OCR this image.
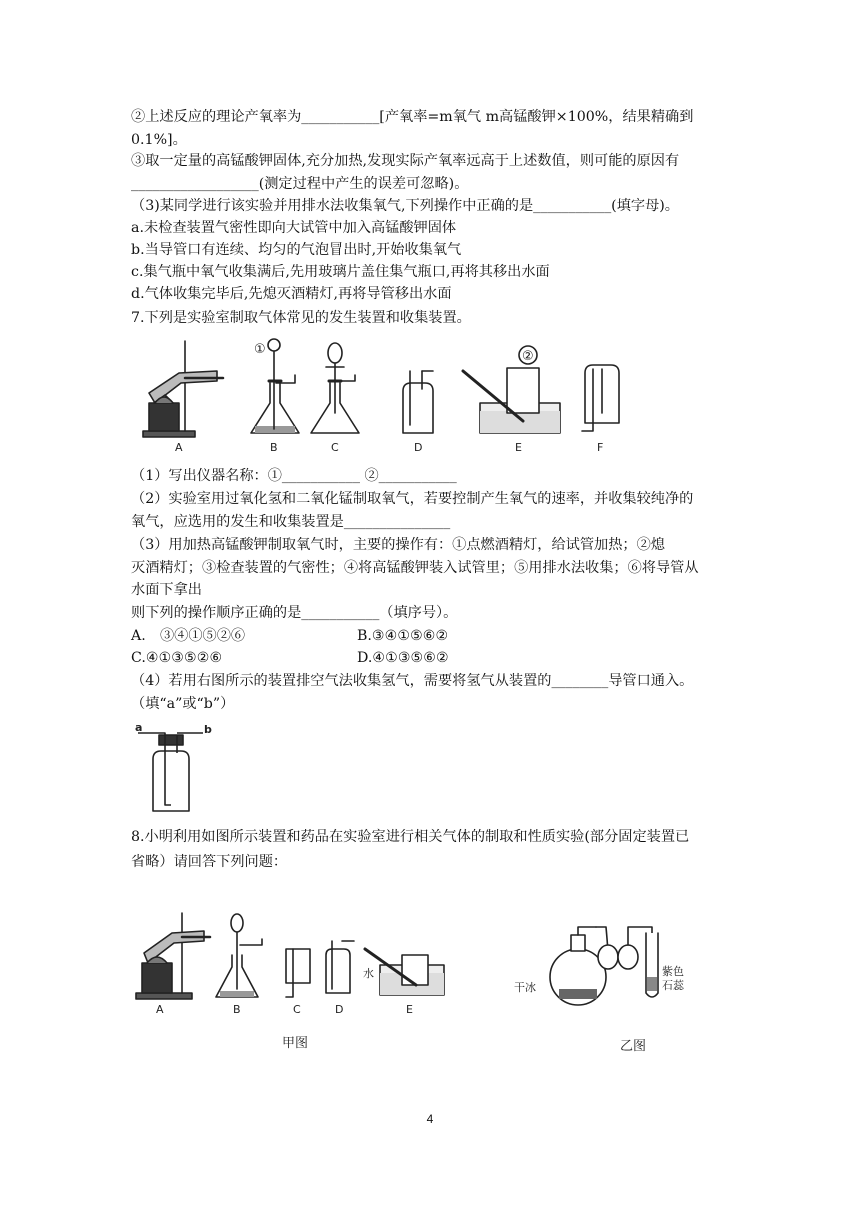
②上述反应的理论产氧率为___________[产氧率=m氧气 m高锰酸钾×100%，结果精确到
0.1%]。
③取一定量的高锰酸钾固体,充分加热,发现实际产氧率远高于上述数值，则可能的原因有
__________________(测定过程中产生的误差可忽略)。
（3)某同学进行该实验并用排水法收集氧气,下列操作中正确的是___________(填字母)。
a.未检查装置气密性即向大试管中加入高锰酸钾固体
b.当导管口有连续、均匀的气泡冒出时,开始收集氧气
c.集气瓶中氧气收集满后,先用玻璃片盖住集气瓶口,再将其移出水面
d.气体收集完毕后,先熄灭酒精灯,再将导管移出水面
7.下列是实验室制取气体常见的发生装置和收集装置。
A	B	C	D	E	F
①	②
（1）写出仪器名称：①___________ ②___________
（2）实验室用过氧化氢和二氧化锰制取氧气，若要控制产生氧气的速率，并收集较纯净的
氧气，应选用的发生和收集装置是_______________
（3）用加热高锰酸钾制取氧气时，主要的操作有：①点燃酒精灯，给试管加热；②熄
灭酒精灯；③检查装置的气密性；④将高锰酸钾装入试管里；⑤用排水法收集；⑥将导管从
水面下拿出
则下列的操作顺序正确的是___________（填序号）。
A.　③④①⑤②⑥	B.③④①⑤⑥②
C.④①③⑤②⑥	D.④①③⑤⑥②
（4）若用右图所示的装置排空气法收集氢气，需要将氢气从装置的________导管口通入。
（填“a”或“b”）
a	b
8.小明利用如图所示装置和药品在实验室进行相关气体的制取和性质实验(部分固定装置已
省略）请回答下列问题：
A	B	C	D	E
水
甲图
干冰
紫色
石蕊
乙图
4
